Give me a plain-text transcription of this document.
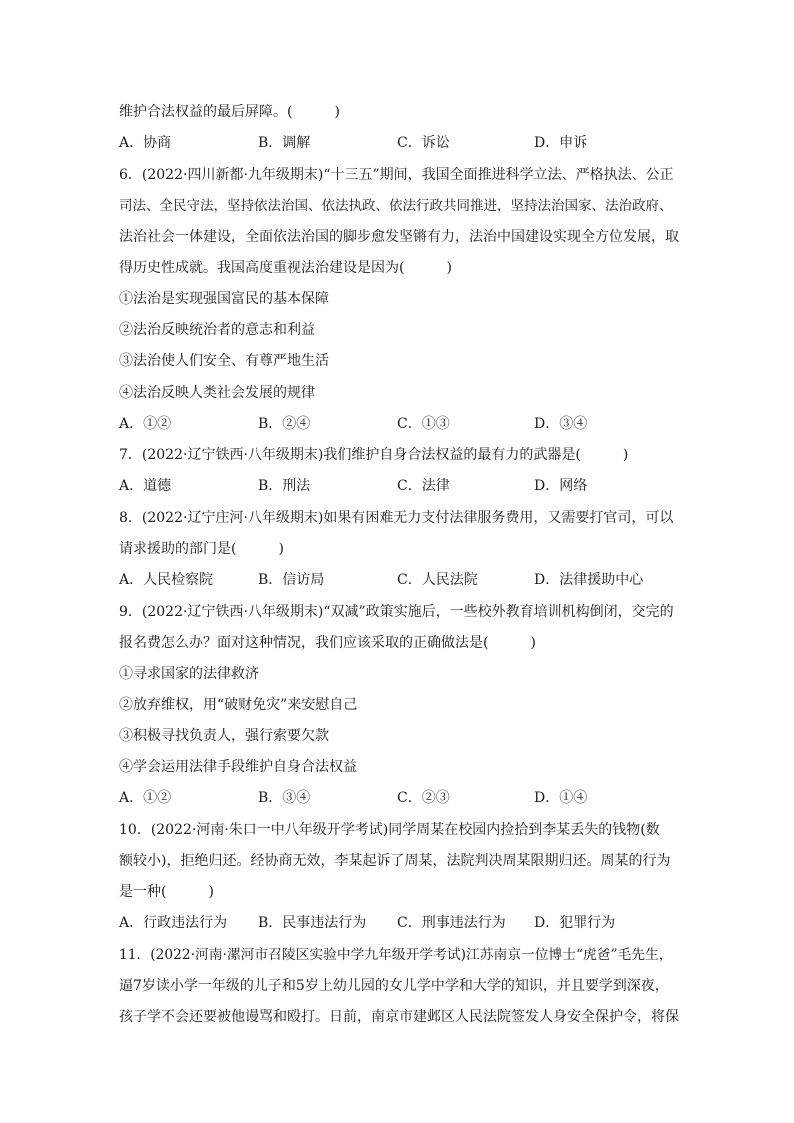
维护合法权益的最后屏障。(　　　)
A．协商	B．调解	C．诉讼	D．申诉
6．(2022·四川新都·九年级期末)“十三五”期间，我国全面推进科学立法、严格执法、公正
司法、全民守法，坚持依法治国、依法执政、依法行政共同推进，坚持法治国家、法治政府、
法治社会一体建设，全面依法治国的脚步愈发坚锵有力，法治中国建设实现全方位发展，取
得历史性成就。我国高度重视法治建设是因为(　　　)
①法治是实现强国富民的基本保障
②法治反映统治者的意志和利益
③法治使人们安全、有尊严地生活
④法治反映人类社会发展的规律
A．①②	B．②④	C．①③	D．③④
7．(2022·辽宁铁西·八年级期末)我们维护自身合法权益的最有力的武器是(　　　)
A．道德	B．刑法	C．法律	D．网络
8．(2022·辽宁庄河·八年级期末)如果有困难无力支付法律服务费用，又需要打官司，可以
请求援助的部门是(　　　)
A．人民检察院	B．信访局	C．人民法院	D．法律援助中心
9．(2022·辽宁铁西·八年级期末)“双减”政策实施后，一些校外教育培训机构倒闭，交完的
报名费怎么办？面对这种情况，我们应该采取的正确做法是(　　　)
①寻求国家的法律救济
②放弃维权，用“破财免灾”来安慰自己
③积极寻找负责人，强行索要欠款
④学会运用法律手段维护自身合法权益
A．①②	B．③④	C．②③	D．①④
10．(2022·河南·朱口一中八年级开学考试)同学周某在校园内捡拾到李某丢失的钱物(数
额较小)，拒绝归还。经协商无效，李某起诉了周某，法院判决周某限期归还。周某的行为
是一种(　　　)
A．行政违法行为 B．民事违法行为 C．刑事违法行为 D．犯罪行为
11．(2022·河南·漯河市召陵区实验中学九年级开学考试)江苏南京一位博士“虎爸”毛先生，
逼7岁读小学一年级的儿子和5岁上幼儿园的女儿学中学和大学的知识，并且要学到深夜，
孩子学不会还要被他谩骂和殴打。日前，南京市建邺区人民法院签发人身安全保护令，将保
